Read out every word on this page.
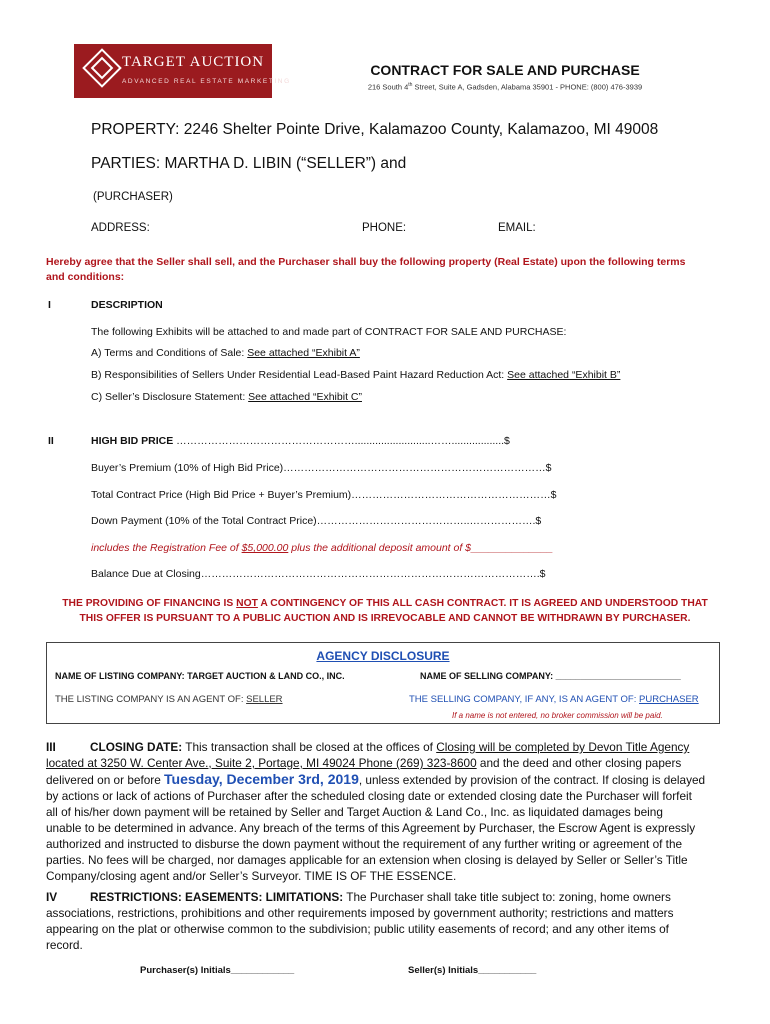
TARGET AUCTION
ADVANCED REAL ESTATE MARKETING
CONTRACT FOR SALE AND PURCHASE
216 South 4th Street, Suite A, Gadsden, Alabama 35901 - PHONE: (800) 476-3939
PROPERTY: 2246 Shelter Pointe Drive, Kalamazoo County, Kalamazoo, MI 49008
PARTIES: MARTHA D. LIBIN (“SELLER”) and
(PURCHASER)
ADDRESS:	PHONE:	EMAIL:
Hereby agree that the Seller shall sell, and the Purchaser shall buy the following property (Real Estate) upon the following terms
and conditions:
I	DESCRIPTION
The following Exhibits will be attached to and made part of CONTRACT FOR SALE AND PURCHASE:
A) Terms and Conditions of Sale: See attached “Exhibit A”
B) Responsibilities of Sellers Under Residential Lead-Based Paint Hazard Reduction Act: See attached “Exhibit B”
C) Seller’s Disclosure Statement: See attached “Exhibit C”
II	HIGH BID PRICE ……………………………………………..........................……..................$
Buyer’s Premium (10% of High Bid Price)…………………………………………………………………$
Total Contract Price (High Bid Price + Buyer’s Premium)…………………………………………………$
Down Payment (10% of the Total Contract Price)……………………………………..……………….$
includes the Registration Fee of $5,000.00 plus the additional deposit amount of $______________
Balance Due at Closing…………………………………………………………………………………….$
THE PROVIDING OF FINANCING IS NOT A CONTINGENCY OF THIS ALL CASH CONTRACT. IT IS AGREED AND UNDERSTOOD THAT
THIS OFFER IS PURSUANT TO A PUBLIC AUCTION AND IS IRREVOCABLE AND CANNOT BE WITHDRAWN BY PURCHASER.
AGENCY DISCLOSURE
NAME OF LISTING COMPANY: TARGET AUCTION & LAND CO., INC.	NAME OF SELLING COMPANY: _________________________
THE LISTING COMPANY IS AN AGENT OF: SELLER	THE SELLING COMPANY, IF ANY, IS AN AGENT OF: PURCHASER
If a name is not entered, no broker commission will be paid.
III	CLOSING DATE: This transaction shall be closed at the offices of Closing will be completed by Devon Title Agency
located at 3250 W. Center Ave., Suite 2, Portage, MI 49024 Phone (269) 323-8600 and the deed and other closing papers
delivered on or before Tuesday, December 3rd, 2019, unless extended by provision of the contract. If closing is delayed
by actions or lack of actions of Purchaser after the scheduled closing date or extended closing date the Purchaser will forfeit
all of his/her down payment will be retained by Seller and Target Auction & Land Co., Inc. as liquidated damages being
unable to be determined in advance. Any breach of the terms of this Agreement by Purchaser, the Escrow Agent is expressly
authorized and instructed to disburse the down payment without the requirement of any further writing or agreement of the
parties. No fees will be charged, nor damages applicable for an extension when closing is delayed by Seller or Seller’s Title
Company/closing agent and/or Seller’s Surveyor. TIME IS OF THE ESSENCE.
IV	RESTRICTIONS: EASEMENTS: LIMITATIONS: The Purchaser shall take title subject to: zoning, home owners
associations, restrictions, prohibitions and other requirements imposed by government authority; restrictions and matters
appearing on the plat or otherwise common to the subdivision; public utility easements of record; and any other items of
record.
Purchaser(s) Initials____________	Seller(s) Initials___________
